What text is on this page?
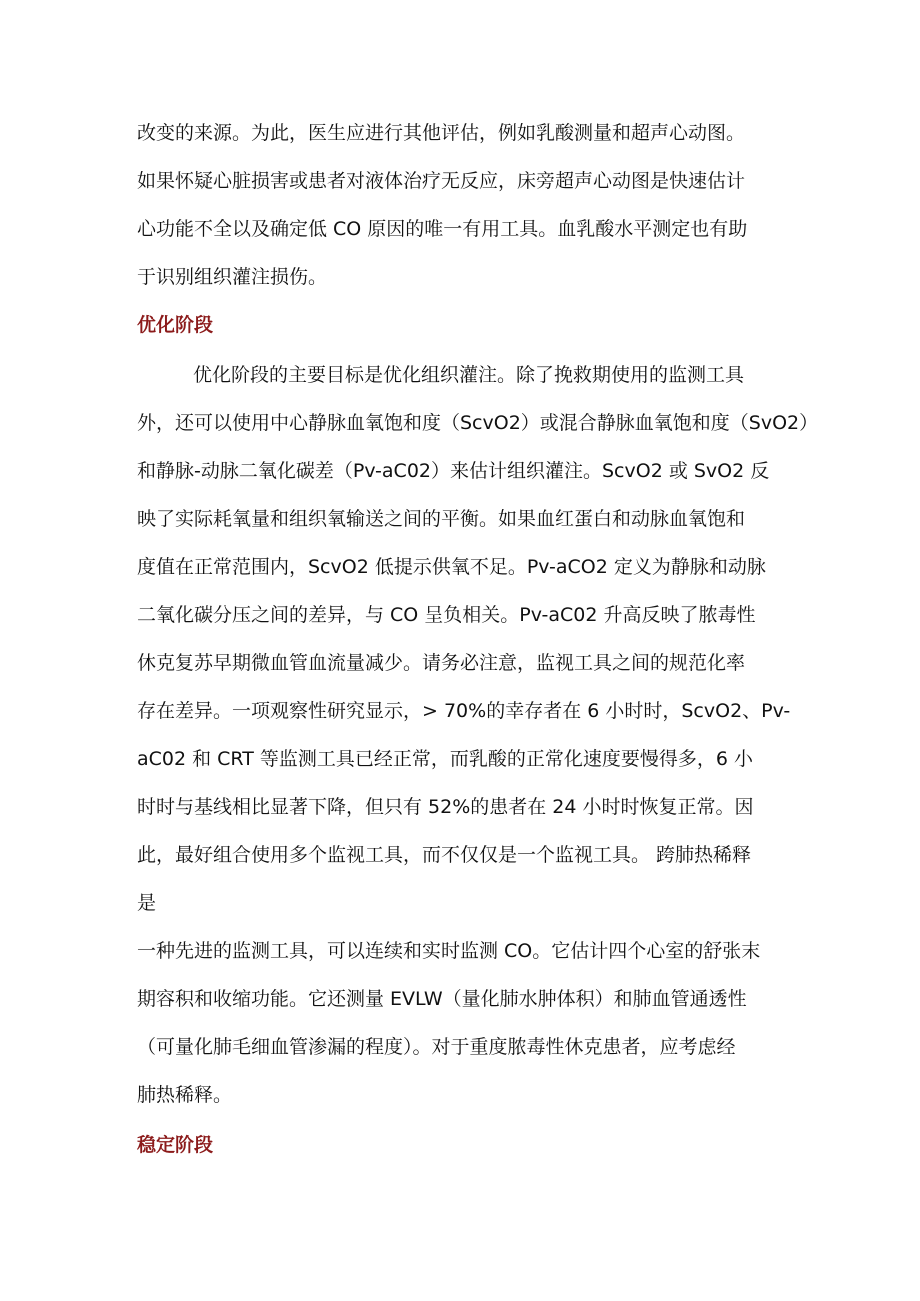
改变的来源。为此，医生应进行其他评估，例如乳酸测量和超声心动图。
如果怀疑心脏损害或患者对液体治疗无反应，床旁超声心动图是快速估计
心功能不全以及确定低 CO 原因的唯一有用工具。血乳酸水平测定也有助
于识别组织灌注损伤。
优化阶段
优化阶段的主要目标是优化组织灌注。除了挽救期使用的监测工具
外，还可以使用中心静脉血氧饱和度（ScvO2）或混合静脉血氧饱和度（SvO2）
和静脉-动脉二氧化碳差（Pv-aC02）来估计组织灌注。ScvO2 或 SvO2 反
映了实际耗氧量和组织氧输送之间的平衡。如果血红蛋白和动脉血氧饱和
度值在正常范围内，ScvO2 低提示供氧不足。Pv-aCO2 定义为静脉和动脉
二氧化碳分压之间的差异，与 CO 呈负相关。Pv-aC02 升高反映了脓毒性
休克复苏早期微血管血流量减少。请务必注意，监视工具之间的规范化率
存在差异。一项观察性研究显示，> 70%的幸存者在 6 小时时，ScvO2、Pv-
aC02 和 CRT 等监测工具已经正常，而乳酸的正常化速度要慢得多，6 小
时时与基线相比显著下降，但只有 52%的患者在 24 小时时恢复正常。因
此，最好组合使用多个监视工具，而不仅仅是一个监视工具。 跨肺热稀释
是
一种先进的监测工具，可以连续和实时监测 CO。它估计四个心室的舒张末
期容积和收缩功能。它还测量 EVLW（量化肺水肿体积）和肺血管通透性
（可量化肺毛细血管渗漏的程度）。对于重度脓毒性休克患者，应考虑经
肺热稀释。
稳定阶段
